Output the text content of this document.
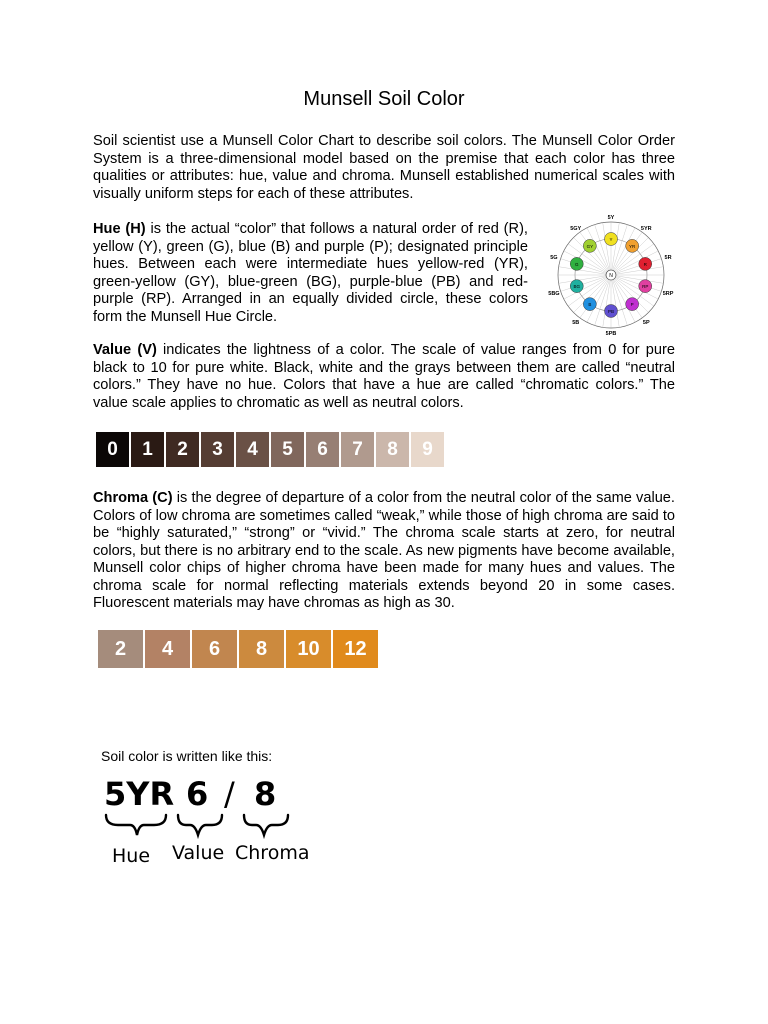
Munsell Soil Color

Soil scientist use a Munsell Color Chart to describe soil colors. The Munsell Color Order System is a three-dimensional model based on the premise that each color has three qualities or attributes: hue, value and chroma. Munsell established numerical scales with visually uniform steps for each of these attributes.

Hue (H) is the actual “color” that follows a natural order of red (R), yellow (Y), green (G), blue (B) and purple (P); designated principle hues. Between each were intermediate hues yellow-red (YR), green-yellow (GY), blue-green (BG), purple-blue (PB) and red-purple (RP). Arranged in an equally divided circle, these colors form the Munsell Hue Circle.

Y
YR
R
RP
P
PB
B
BG
G
GY
5Y
5YR
5R
5RP
5P
5PB
5B
5BG
5G
5GY
N

Value (V) indicates the lightness of a color. The scale of value ranges from 0 for pure black to 10 for pure white. Black, white and the grays between them are called “neutral colors.” They have no hue. Colors that have a hue are called “chromatic colors.” The value scale applies to chromatic as well as neutral colors.

0	1	2	3	4	5	6	7	8	9

Chroma (C) is the degree of departure of a color from the neutral color of the same value. Colors of low chroma are sometimes called “weak,” while those of high chroma are said to be “highly saturated,” “strong” or “vivid.” The chroma scale starts at zero, for neutral colors, but there is no arbitrary end to the scale. As new pigments have become available, Munsell color chips of higher chroma have been made for many hues and values. The chroma scale for normal reflecting materials extends beyond 20 in some cases. Fluorescent materials may have chromas as high as 30.

2	4	6	8	10	12
Soil color is written like this:
5YR 6 / 8
Hue Value Chroma
